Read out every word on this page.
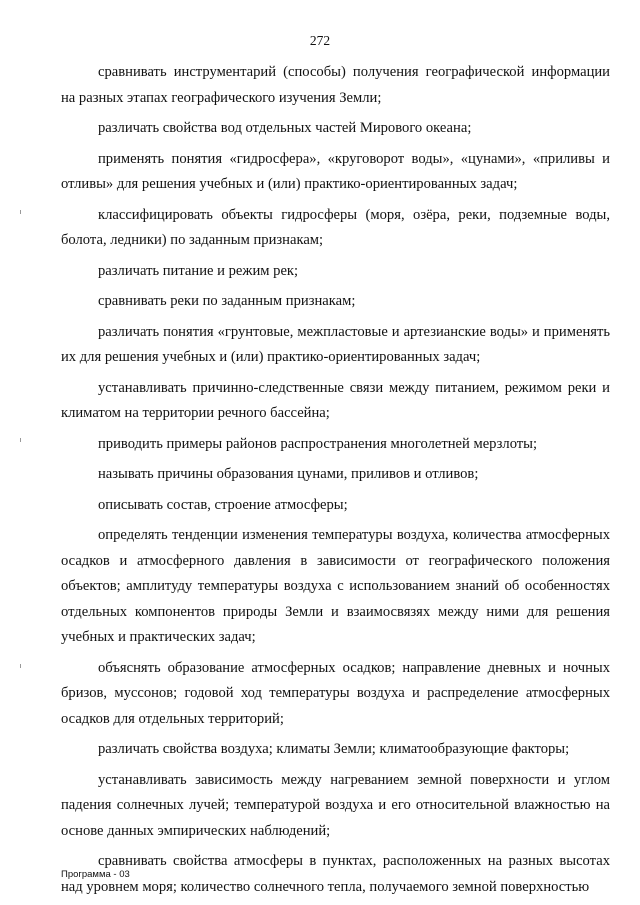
272

сравнивать инструментарий (способы) получения географической информации на разных этапах географического изучения Земли;

различать свойства вод отдельных частей Мирового океана;

применять понятия «гидросфера», «круговорот воды», «цунами», «приливы и отливы» для решения учебных и (или) практико-ориентированных задач;

классифицировать объекты гидросферы (моря, озёра, реки, подземные воды, болота, ледники) по заданным признакам;

различать питание и режим рек;

сравнивать реки по заданным признакам;

различать понятия «грунтовые, межпластовые и артезианские воды» и применять их для решения учебных и (или) практико-ориентированных задач;

устанавливать причинно-следственные связи между питанием, режимом реки и климатом на территории речного бассейна;

приводить примеры районов распространения многолетней мерзлоты;

называть причины образования цунами, приливов и отливов;

описывать состав, строение атмосферы;

определять тенденции изменения температуры воздуха, количества атмосферных осадков и атмосферного давления в зависимости от географического положения объектов; амплитуду температуры воздуха с использованием знаний об особенностях отдельных компонентов природы Земли и взаимосвязях между ними для решения учебных и практических задач;

объяснять образование атмосферных осадков; направление дневных и ночных бризов, муссонов; годовой ход температуры воздуха и распределение атмосферных осадков для отдельных территорий;

различать свойства воздуха; климаты Земли; климатообразующие факторы;

устанавливать зависимость между нагреванием земной поверхности и углом падения солнечных лучей; температурой воздуха и его относительной влажностью на основе данных эмпирических наблюдений;

сравнивать свойства атмосферы в пунктах, расположенных на разных высотах над уровнем моря; количество солнечного тепла, получаемого земной поверхностью

Программа - 03
